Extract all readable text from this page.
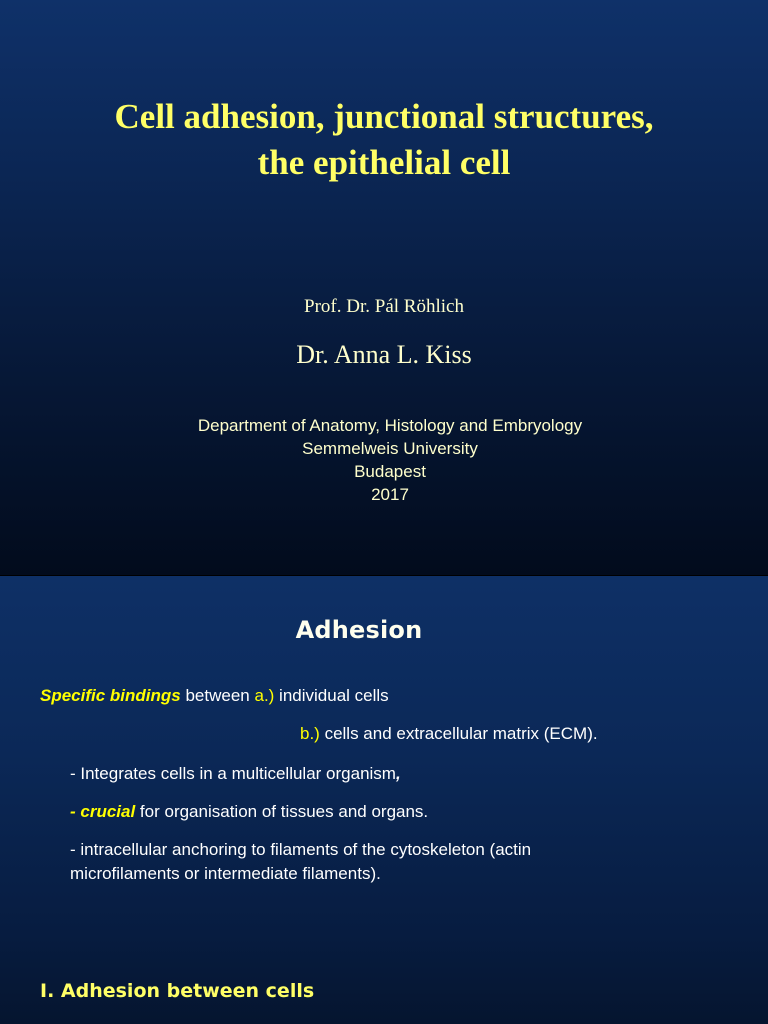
Cell adhesion, junctional structures,
the epithelial cell
Prof. Dr. Pál Röhlich
Dr. Anna L. Kiss
Department of Anatomy, Histology and Embryology
Semmelweis University
Budapest
2017
Adhesion
Specific bindings between a.) individual cells
b.) cells and extracellular matrix (ECM).
- Integrates cells in a multicellular organism,
- crucial for organisation of tissues and organs.
- intracellular anchoring to filaments of the cytoskeleton (actin
microfilaments or intermediate filaments).
I. Adhesion between cells
